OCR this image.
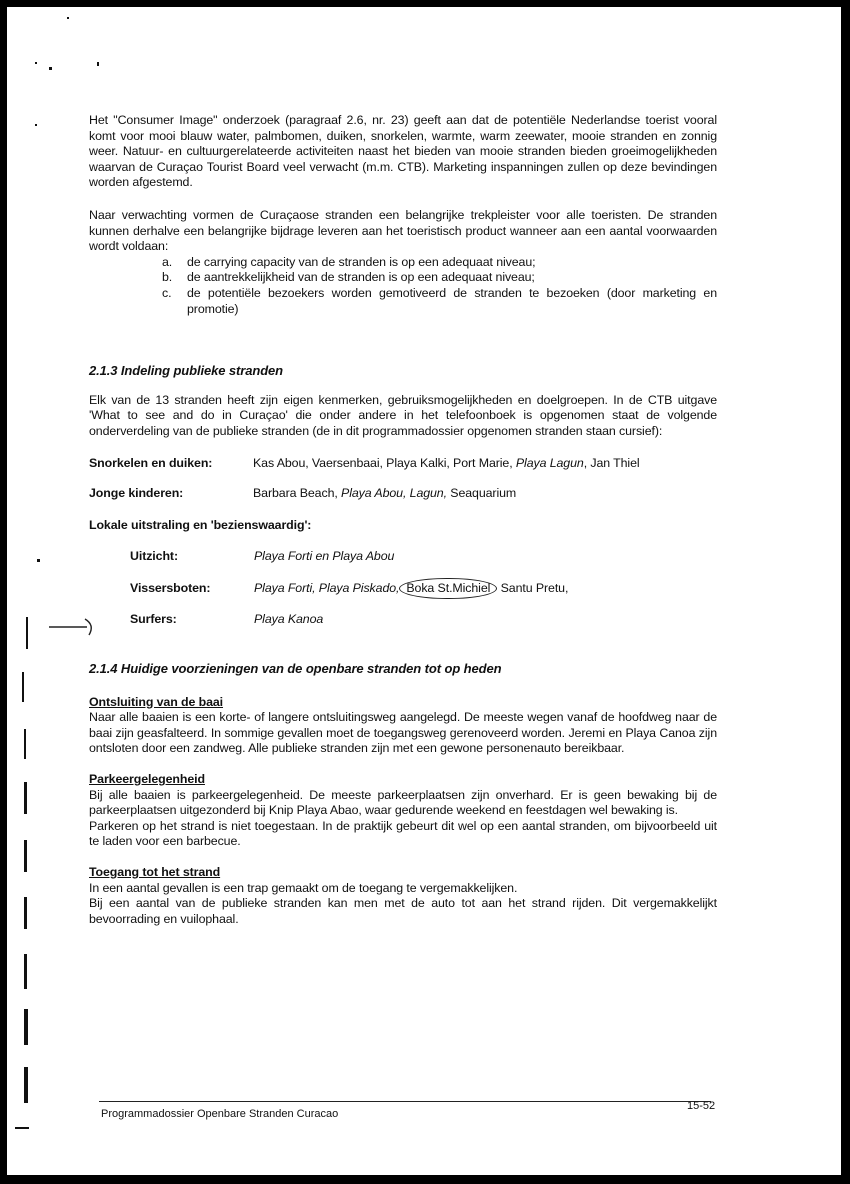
Het "Consumer Image" onderzoek (paragraaf 2.6, nr. 23) geeft aan dat de potentiële Nederlandse toerist vooral komt voor mooi blauw water, palmbomen, duiken, snorkelen, warmte, warm zeewater, mooie stranden en zonnig weer. Natuur- en cultuurgerelateerde activiteiten naast het bieden van mooie stranden bieden groeimogelijkheden waarvan de Curaçao Tourist Board veel verwacht (m.m. CTB). Marketing inspanningen zullen op deze bevindingen worden afgestemd.

Naar verwachting vormen de Curaçaose stranden een belangrijke trekpleister voor alle toeristen. De stranden kunnen derhalve een belangrijke bijdrage leveren aan het toeristisch product wanneer aan een aantal voorwaarden wordt voldaan:

a.	de carrying capacity van de stranden is op een adequaat niveau;
b.	de aantrekkelijkheid van de stranden is op een adequaat niveau;
c.	de potentiële bezoekers worden gemotiveerd de stranden te bezoeken (door marketing en promotie)
2.1.3 Indeling publieke stranden

Elk van de 13 stranden heeft zijn eigen kenmerken, gebruiksmogelijkheden en doelgroepen. In de CTB uitgave 'What to see and do in Curaçao' die onder andere in het telefoonboek is opgenomen staat de volgende onderverdeling van de publieke stranden (de in dit programmadossier opgenomen stranden staan cursief):

Snorkelen en duiken:	Kas Abou, Vaersenbaai, Playa Kalki, Port Marie, Playa Lagun, Jan Thiel
Jonge kinderen:	Barbara Beach, Playa Abou, Lagun, Seaquarium
Lokale uitstraling en 'bezienswaardig':
Uitzicht:	Playa Forti en Playa Abou
Vissersboten:	Playa Forti, Playa Piskado, Boka St.Michiel Santu Pretu,
Surfers:	Playa Kanoa
2.1.4 Huidige voorzieningen van de openbare stranden tot op heden
Ontsluiting van de baai

Naar alle baaien is een korte- of langere ontsluitingsweg aangelegd. De meeste wegen vanaf de hoofdweg naar de baai zijn geasfalteerd. In sommige gevallen moet de toegangsweg gerenoveerd worden. Jeremi en Playa Canoa zijn ontsloten door een zandweg. Alle publieke stranden zijn met een gewone personenauto bereikbaar.

Parkeergelegenheid

Bij alle baaien is parkeergelegenheid. De meeste parkeerplaatsen zijn onverhard. Er is geen bewaking bij de parkeerplaatsen uitgezonderd bij Knip Playa Abao, waar gedurende weekend en feestdagen wel bewaking is.

Parkeren op het strand is niet toegestaan. In de praktijk gebeurt dit wel op een aantal stranden, om bijvoorbeeld uit te laden voor een barbecue.

Toegang tot het strand

In een aantal gevallen is een trap gemaakt om de toegang te vergemakkelijken.

Bij een aantal van de publieke stranden kan men met de auto tot aan het strand rijden. Dit vergemakkelijkt bevoorrading en vuilophaal.

Programmadossier Openbare Stranden Curacao
15-52
